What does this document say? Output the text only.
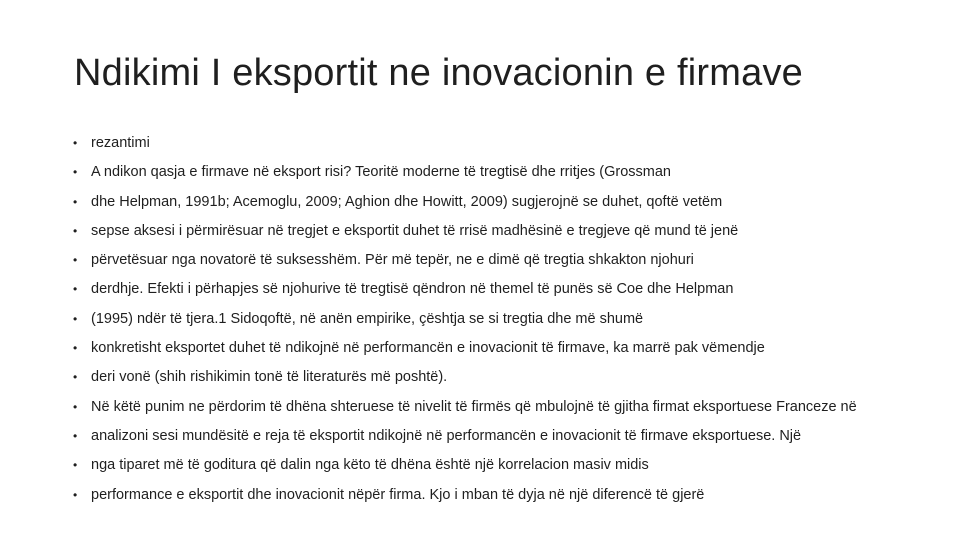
Ndikimi I eksportit ne inovacionin e firmave
• rezantimi
• A ndikon qasja e firmave në eksport risi? Teoritë moderne të tregtisë dhe rritjes (Grossman
• dhe Helpman, 1991b; Acemoglu, 2009; Aghion dhe Howitt, 2009) sugjerojnë se duhet, qoftë vetëm
• sepse aksesi i përmirësuar në tregjet e eksportit duhet të rrisë madhësinë e tregjeve që mund të jenë
• përvetësuar nga novatorë të suksesshëm. Për më tepër, ne e dimë që tregtia shkakton njohuri
• derdhje. Efekti i përhapjes së njohurive të tregtisë qëndron në themel të punës së Coe dhe Helpman
• (1995) ndër të tjera.1 Sidoqoftë, në anën empirike, çështja se si tregtia dhe më shumë
• konkretisht eksportet duhet të ndikojnë në performancën e inovacionit të firmave, ka marrë pak vëmendje
• deri vonë (shih rishikimin tonë të literaturës më poshtë).
• Në këtë punim ne përdorim të dhëna shteruese të nivelit të firmës që mbulojnë të gjitha firmat eksportuese Franceze në
• analizoni sesi mundësitë e reja të eksportit ndikojnë në performancën e inovacionit të firmave eksportuese. Një
• nga tiparet më të goditura që dalin nga këto të dhëna është një korrelacion masiv midis
• performance e eksportit dhe inovacionit nëpër firma. Kjo i mban të dyja në një diferencë të gjerë
